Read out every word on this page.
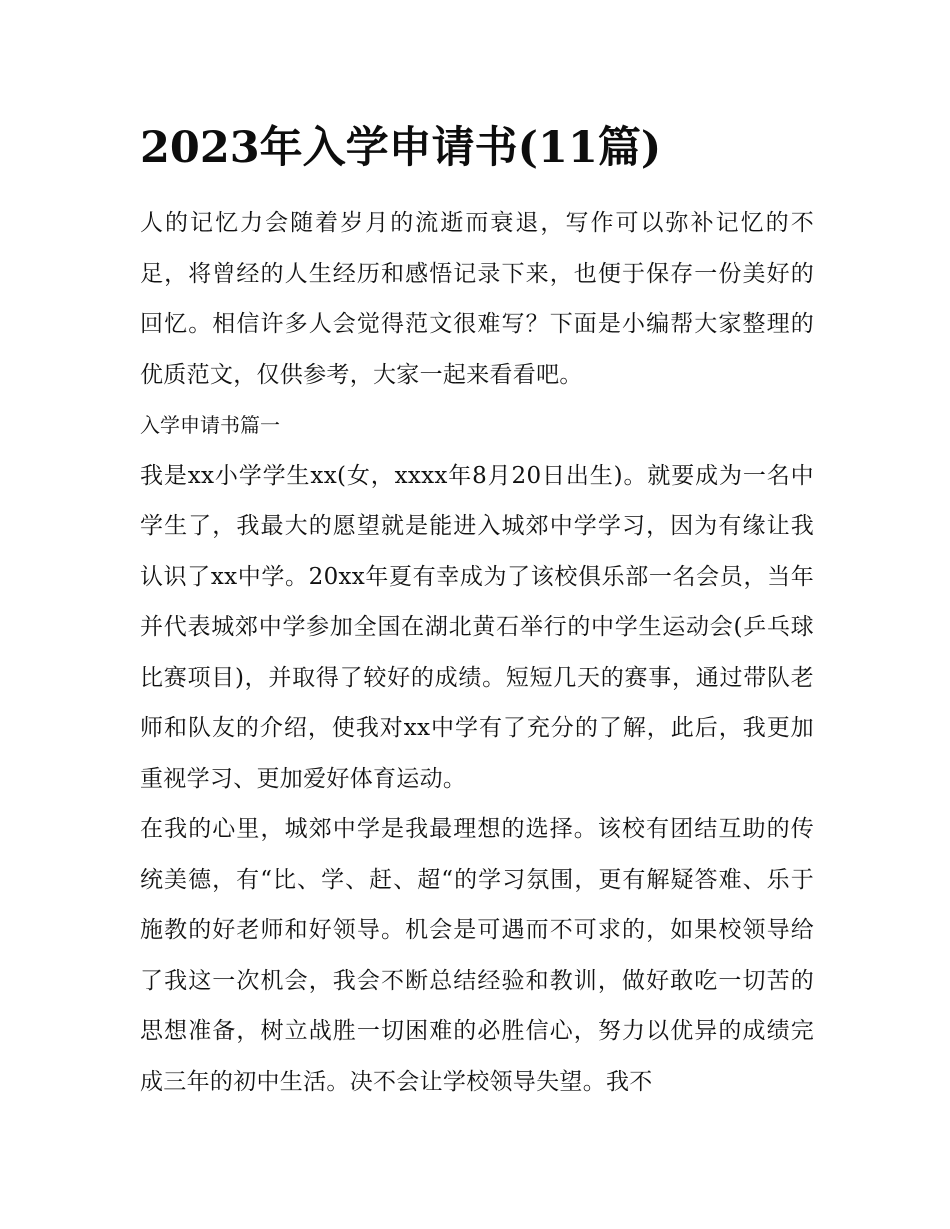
2023年入学申请书(11篇)

人的记忆力会随着岁月的流逝而衰退，写作可以弥补记忆的不足，将曾经的人生经历和感悟记录下来，也便于保存一份美好的回忆。相信许多人会觉得范文很难写？下面是小编帮大家整理的优质范文，仅供参考，大家一起来看看吧。

入学申请书篇一

我是xx小学学生xx(女，xxxx年8月20日出生)。就要成为一名中学生了，我最大的愿望就是能进入城郊中学学习，因为有缘让我认识了xx中学。20xx年夏有幸成为了该校俱乐部一名会员，当年并代表城郊中学参加全国在湖北黄石举行的中学生运动会(乒乓球比赛项目)，并取得了较好的成绩。短短几天的赛事，通过带队老师和队友的介绍，使我对xx中学有了充分的了解，此后，我更加重视学习、更加爱好体育运动。

在我的心里，城郊中学是我最理想的选择。该校有团结互助的传统美德，有“比、学、赶、超“的学习氛围，更有解疑答难、乐于施教的好老师和好领导。机会是可遇而不可求的，如果校领导给了我这一次机会，我会不断总结经验和教训，做好敢吃一切苦的思想准备，树立战胜一切困难的必胜信心，努力以优异的成绩完成三年的初中生活。决不会让学校领导失望。我不
